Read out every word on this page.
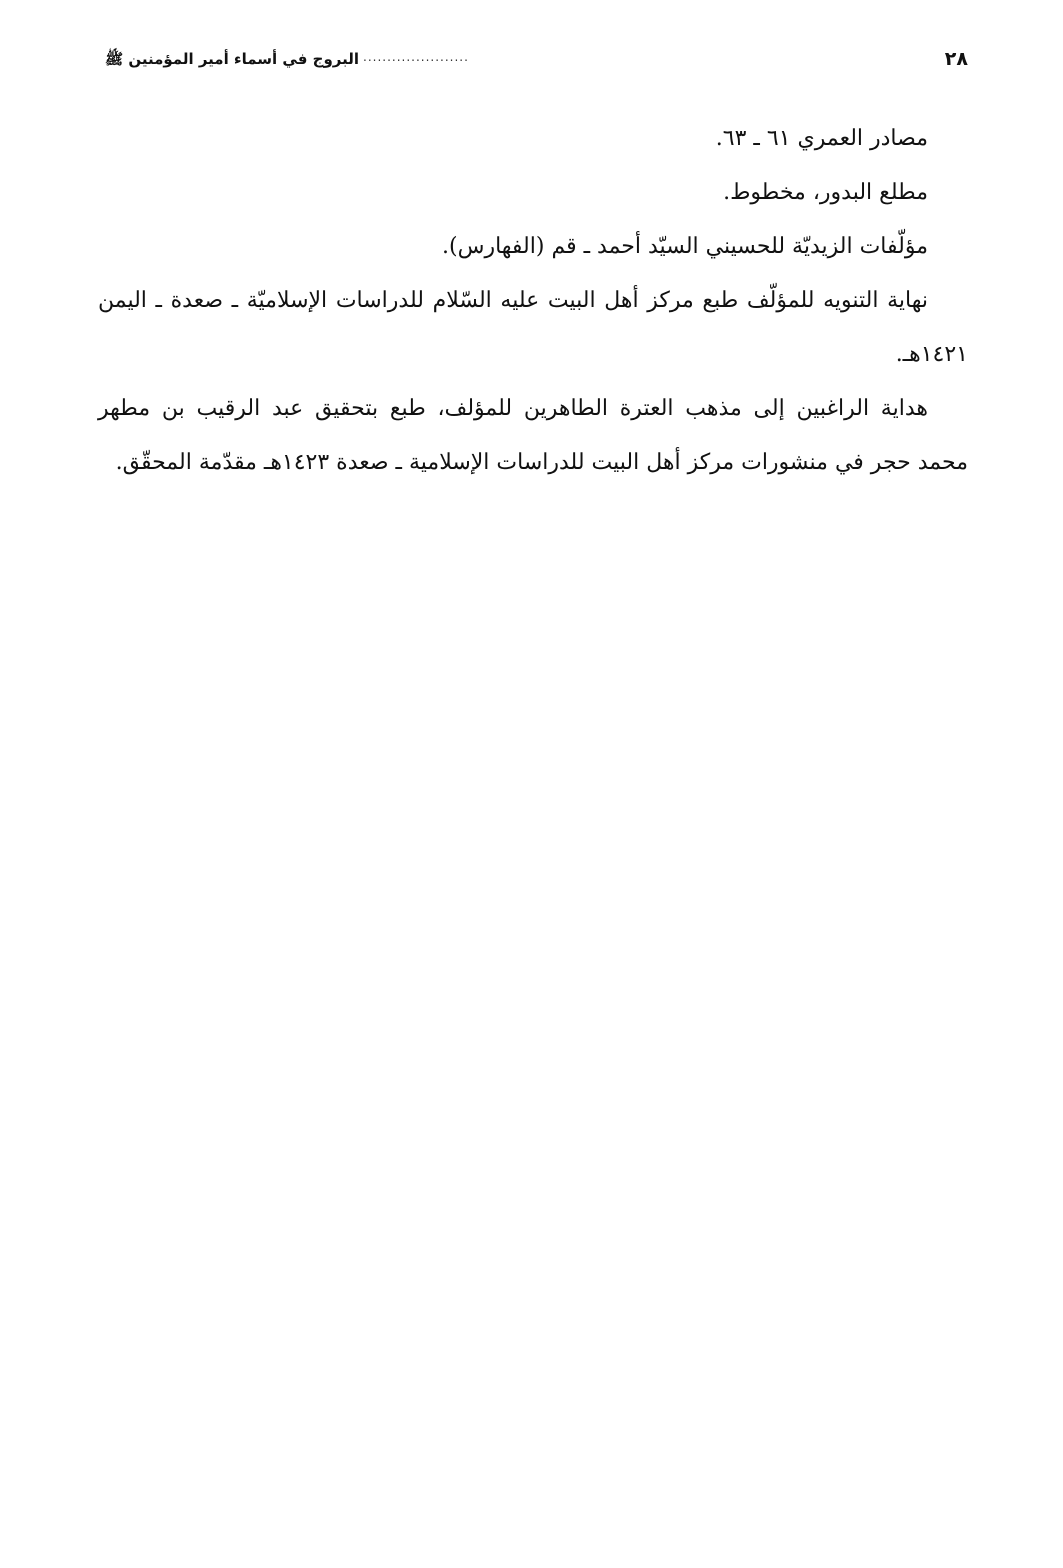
٢٨
......................
البروج في أسماء أمير المؤمنين ﷺ

مصادر العمري ٦١ ـ ٦٣.

مطلع البدور، مخطوط.

مؤلّفات الزيديّة للحسيني السيّد أحمد ـ قم (الفهارس).

نهاية التنويه للمؤلّف طبع مركز أهل البيت عليه السّلام للدراسات الإسلاميّة ـ صعدة ـ اليمن ١٤٢١هـ.

هداية الراغبين إلى مذهب العترة الطاهرين للمؤلف، طبع بتحقيق عبد الرقيب بن مطهر محمد حجر في منشورات مركز أهل البيت للدراسات الإسلامية ـ صعدة ١٤٢٣هـ مقدّمة المحقّق.
